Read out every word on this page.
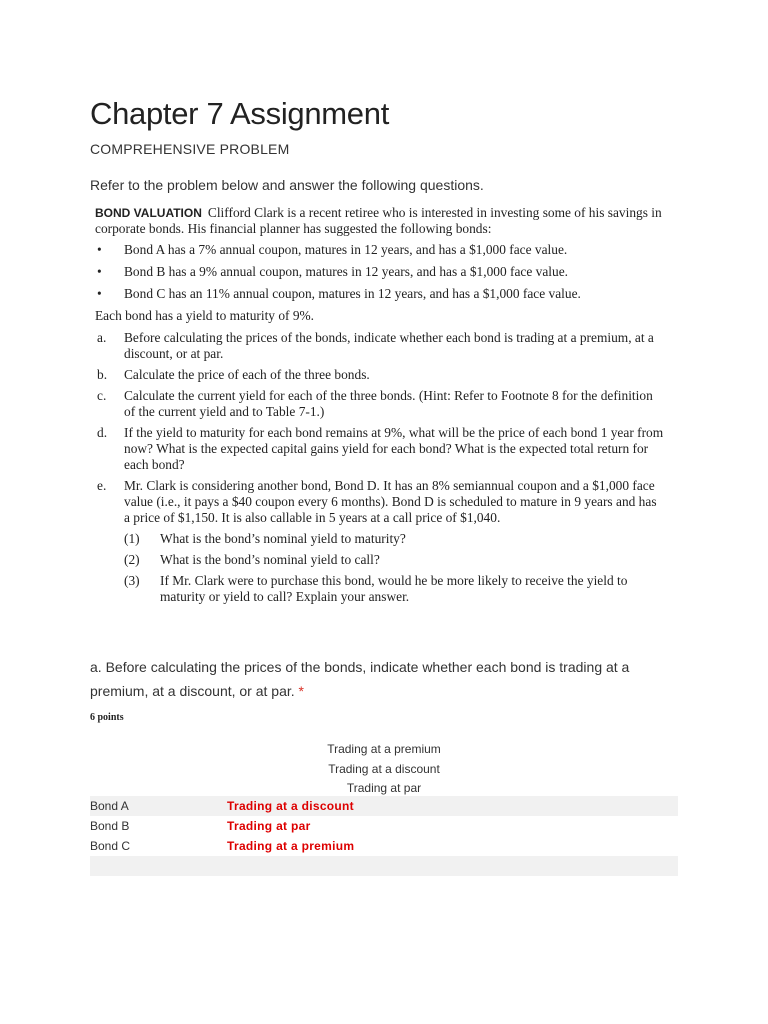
Chapter 7 Assignment
COMPREHENSIVE PROBLEM
Refer to the problem below and answer the following questions.

BOND VALUATION Clifford Clark is a recent retiree who is interested in investing some of his savings in corporate bonds. His financial planner has suggested the following bonds:

• Bond A has a 7% annual coupon, matures in 12 years, and has a $1,000 face value.
• Bond B has a 9% annual coupon, matures in 12 years, and has a $1,000 face value.
• Bond C has an 11% annual coupon, matures in 12 years, and has a $1,000 face value.

Each bond has a yield to maturity of 9%.

a. Before calculating the prices of the bonds, indicate whether each bond is trading at a premium, at a discount, or at par.
b. Calculate the price of each of the three bonds.
c. Calculate the current yield for each of the three bonds. (Hint: Refer to Footnote 8 for the definition of the current yield and to Table 7-1.)
d. If the yield to maturity for each bond remains at 9%, what will be the price of each bond 1 year from now? What is the expected capital gains yield for each bond? What is the expected total return for each bond?
e. Mr. Clark is considering another bond, Bond D. It has an 8% semiannual coupon and a $1,000 face value (i.e., it pays a $40 coupon every 6 months). Bond D is scheduled to mature in 9 years and has a price of $1,150. It is also callable in 5 years at a call price of $1,040.
(1) What is the bond’s nominal yield to maturity?
(2) What is the bond’s nominal yield to call?
(3) If Mr. Clark were to purchase this bond, would he be more likely to receive the yield to maturity or yield to call? Explain your answer.
a. Before calculating the prices of the bonds, indicate whether each bond is trading at a premium, at a discount, or at par. *
6 points
Trading at a premium
Trading at a discount
Trading at par
Bond A	Trading at a discount
Bond B	Trading at par
Bond C	Trading at a premium
